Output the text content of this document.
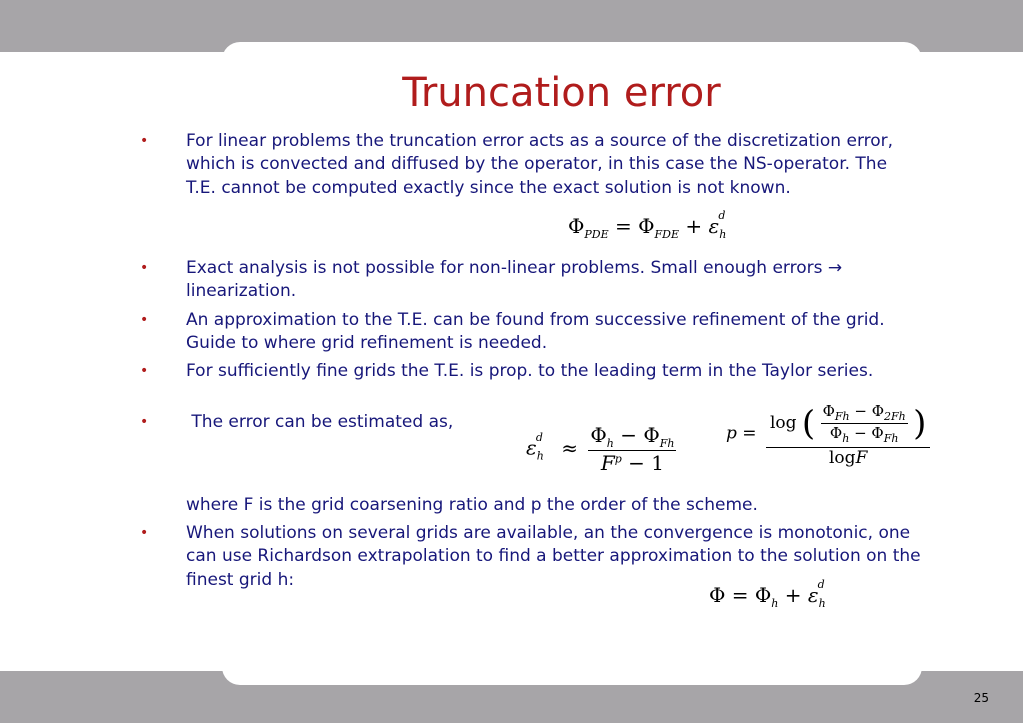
Truncation error
• For linear problems the truncation error acts as a source of the discretization error, which is convected and diffused by the operator, in this case the NS-operator. The T.E. cannot be computed exactly since the exact solution is not known.
• Exact analysis is not possible for non-linear problems. Small enough errors → linearization.
• An approximation to the T.E. can be found from successive refinement of the grid. Guide to where grid refinement is needed.
• For sufficiently fine grids the T.E. is prop. to the leading term in the Taylor series.
• The error can be estimated as,
• When solutions on several grids are available, an the convergence is monotonic, one can use Richardson extrapolation to find a better approximation to the solution on the finest grid h:
where F is the grid coarsening ratio and p the order of the scheme.
$\Phi_{PDE} = \Phi_{FDE} + \varepsilon_h^d$
$\varepsilon_h^d \approx \frac{\Phi_h - \Phi_{Fh}}{F^p - 1}$	p =
log ( $\frac{\Phi_{Fh} - \Phi_{2Fh}}{\Phi_h - \Phi_{Fh}}$ )
logF
$\Phi = \Phi_h + \varepsilon_h^d$
25
